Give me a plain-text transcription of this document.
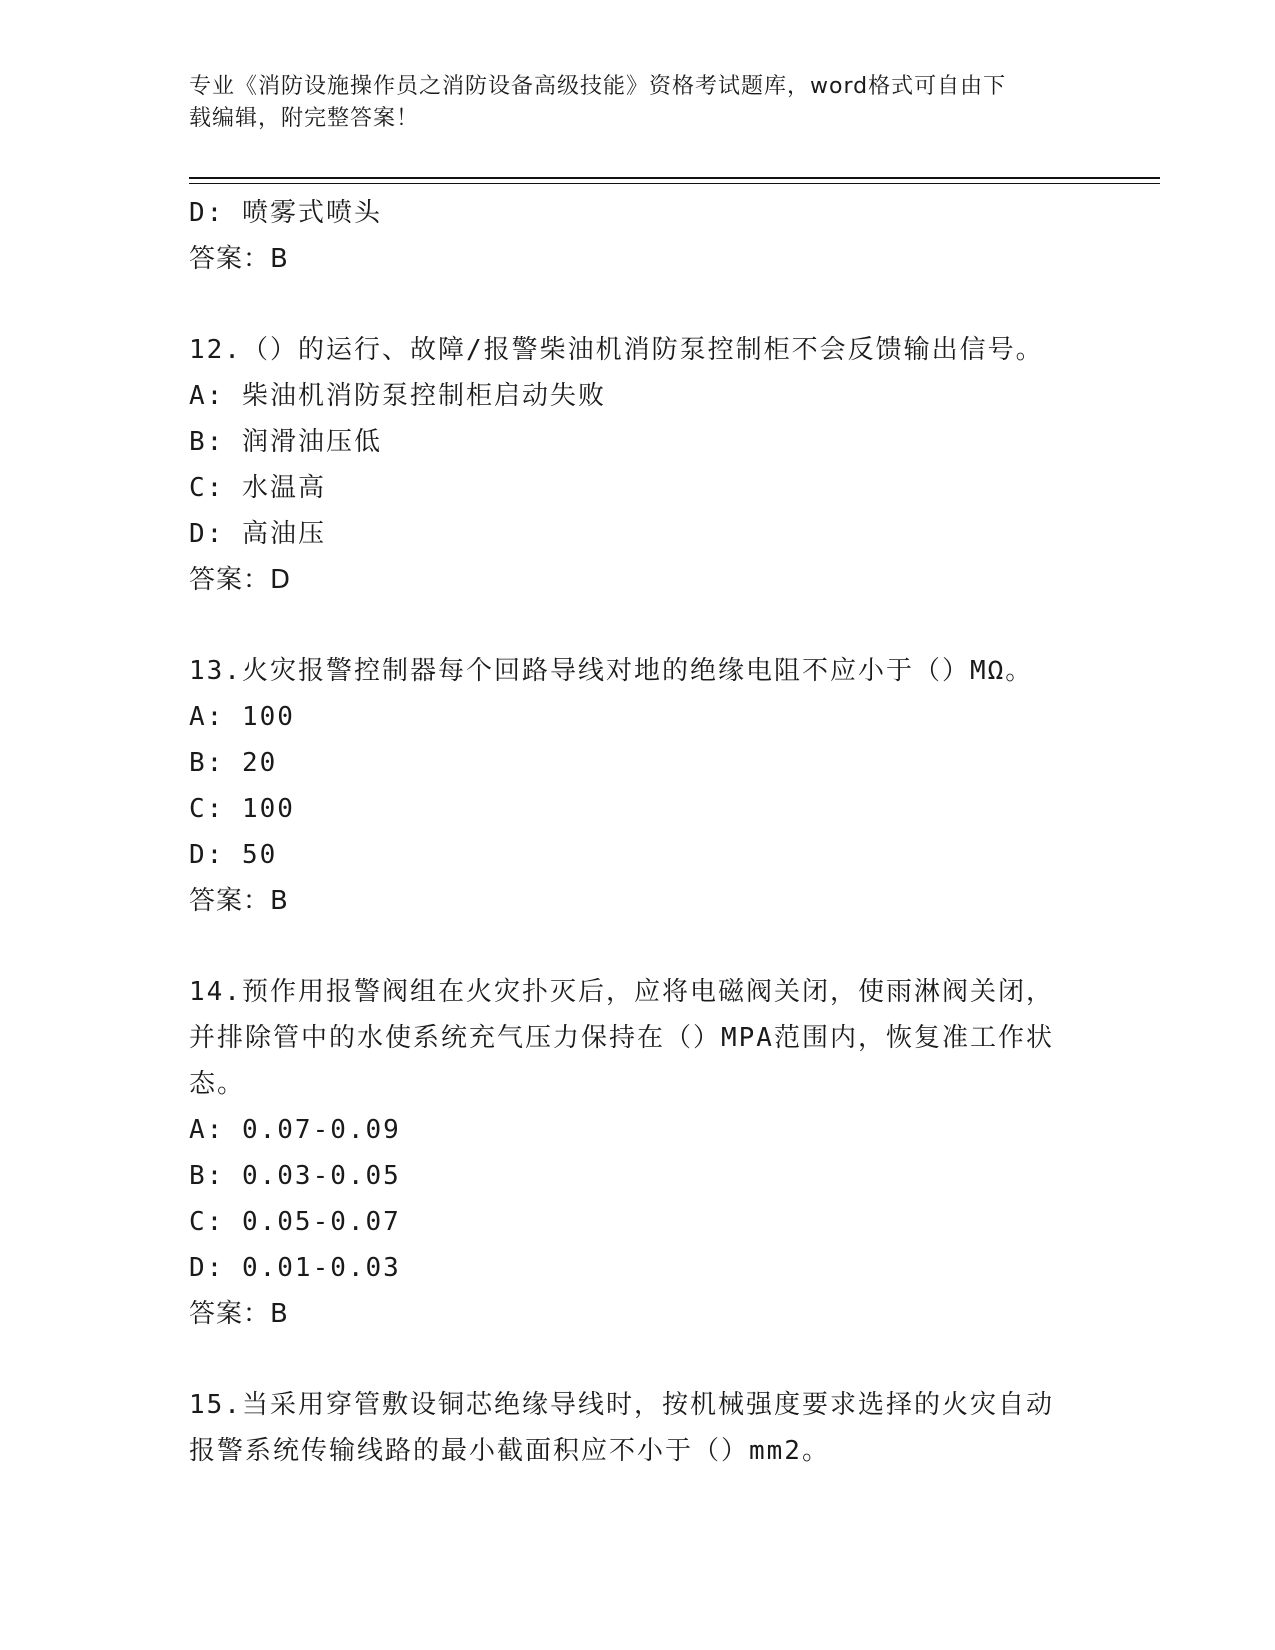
专业《消防设施操作员之消防设备高级技能》资格考试题库，word格式可自由下
载编辑，附完整答案！
D: 喷雾式喷头
答案：B
12.（）的运行、故障/报警柴油机消防泵控制柜不会反馈输出信号。
A: 柴油机消防泵控制柜启动失败
B: 润滑油压低
C: 水温高
D: 高油压
答案：D
13.火灾报警控制器每个回路导线对地的绝缘电阻不应小于（）MΩ。
A: 100
B: 20
C: 100
D: 50
答案：B
14.预作用报警阀组在火灾扑灭后，应将电磁阀关闭，使雨淋阀关闭，
并排除管中的水使系统充气压力保持在（）MPA范围内，恢复准工作状
态。
A: 0.07-0.09
B: 0.03-0.05
C: 0.05-0.07
D: 0.01-0.03
答案：B
15.当采用穿管敷设铜芯绝缘导线时，按机械强度要求选择的火灾自动
报警系统传输线路的最小截面积应不小于（）mm2。
